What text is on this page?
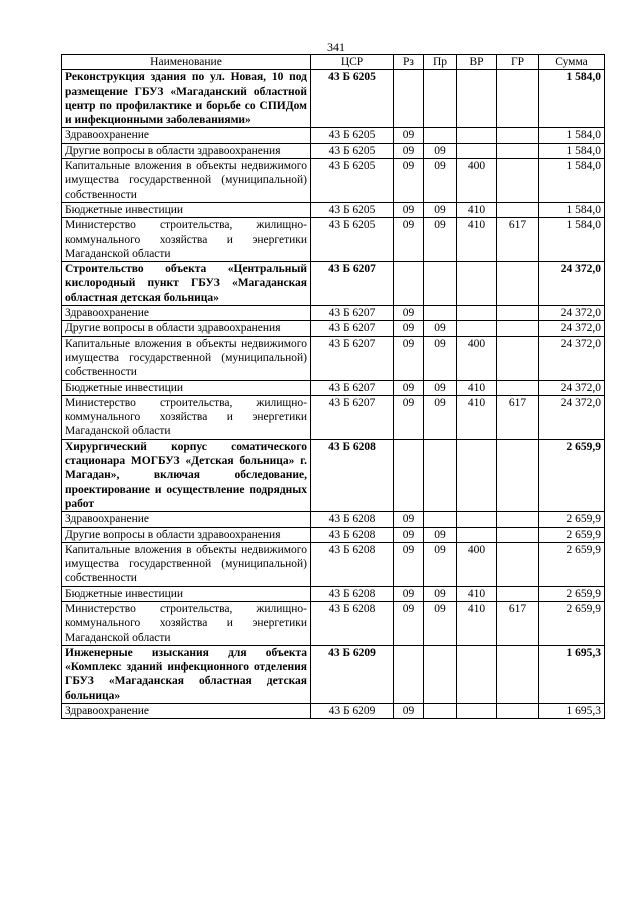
341
Наименование	ЦСР	Рз	Пр	ВР	ГР	Сумма
Реконструкция здания по ул. Новая, 10 под размещение ГБУЗ «Магаданский областной центр по профилактике и борьбе со СПИДом и инфекционными заболеваниями»	43 Б 6205					1 584,0
Здравоохранение	43 Б 6205	09				1 584,0
Другие вопросы в области здравоохранения	43 Б 6205	09	09			1 584,0
Капитальные вложения в объекты недвижимого имущества государственной (муниципальной) собственности	43 Б 6205	09	09	400		1 584,0
Бюджетные инвестиции	43 Б 6205	09	09	410		1 584,0
Министерство строительства, жилищно-коммунального хозяйства и энергетики Магаданской области	43 Б 6205	09	09	410	617	1 584,0
Строительство объекта «Центральный кислородный пункт ГБУЗ «Магаданская областная детская больница»	43 Б 6207					24 372,0
Здравоохранение	43 Б 6207	09				24 372,0
Другие вопросы в области здравоохранения	43 Б 6207	09	09			24 372,0
Капитальные вложения в объекты недвижимого имущества государственной (муниципальной) собственности	43 Б 6207	09	09	400		24 372,0
Бюджетные инвестиции	43 Б 6207	09	09	410		24 372,0
Министерство строительства, жилищно-коммунального хозяйства и энергетики Магаданской области	43 Б 6207	09	09	410	617	24 372,0
Хирургический корпус соматического стационара МОГБУЗ «Детская больница» г. Магадан», включая обследование, проектирование и осуществление подрядных работ	43 Б 6208					2 659,9
Здравоохранение	43 Б 6208	09				2 659,9
Другие вопросы в области здравоохранения	43 Б 6208	09	09			2 659,9
Капитальные вложения в объекты недвижимого имущества государственной (муниципальной) собственности	43 Б 6208	09	09	400		2 659,9
Бюджетные инвестиции	43 Б 6208	09	09	410		2 659,9
Министерство строительства, жилищно-коммунального хозяйства и энергетики Магаданской области	43 Б 6208	09	09	410	617	2 659,9
Инженерные изыскания для объекта «Комплекс зданий инфекционного отделения ГБУЗ «Магаданская областная детская больница»	43 Б 6209					1 695,3
Здравоохранение	43 Б 6209	09				1 695,3
